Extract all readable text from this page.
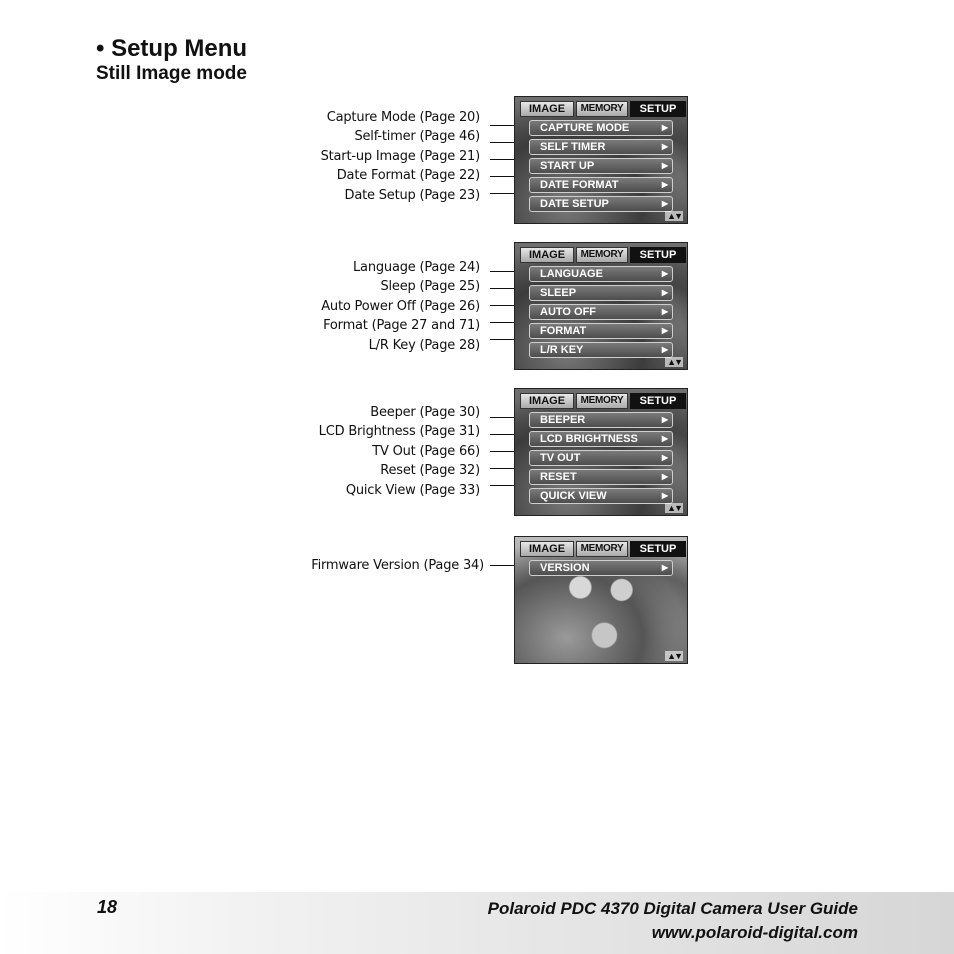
• Setup Menu
Still Image mode
Capture Mode (Page 20)
Self-timer (Page 46)
Start-up Image (Page 21)
Date Format (Page 22)
Date Setup (Page 23)
IMAGE	MEMORY	SETUP
CAPTURE MODE	▶
SELF TIMER	▶
START UP	▶
DATE FORMAT	▶
DATE SETUP	▶
▲▼
Language (Page 24)
Sleep (Page 25)
Auto Power Off (Page 26)
Format (Page 27 and 71)
L/R Key (Page 28)
IMAGE	MEMORY	SETUP
LANGUAGE	▶
SLEEP	▶
AUTO OFF	▶
FORMAT	▶
L/R KEY	▶
▲▼
Beeper (Page 30)
LCD Brightness (Page 31)
TV Out (Page 66)
Reset (Page 32)
Quick View (Page 33)
IMAGE	MEMORY	SETUP
BEEPER	▶
LCD BRIGHTNESS	▶
TV OUT	▶
RESET	▶
QUICK VIEW	▶
▲▼
Firmware Version (Page 34)
IMAGE	MEMORY	SETUP
VERSION	▶
▲▼
18	Polaroid PDC 4370 Digital Camera User Guide
www.polaroid-digital.com
